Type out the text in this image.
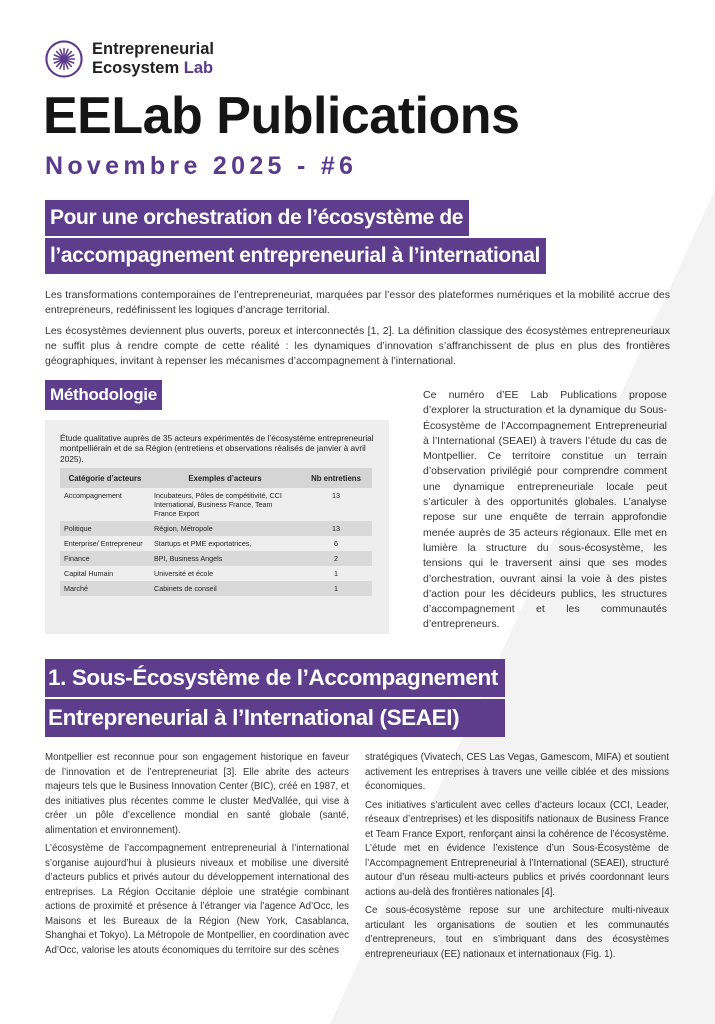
Entrepreneurial
Ecosystem Lab
EELab Publications
Novembre 2025 - #6
Pour une orchestration de l’écosystème de
l’accompagnement entrepreneurial à l’international

Les transformations contemporaines de l’entrepreneuriat, marquées par l’essor des plateformes numériques et la mobilité accrue des entrepreneurs, redéfinissent les logiques d’ancrage territorial.

Les écosystèmes deviennent plus ouverts, poreux et interconnectés [1, 2]. La définition classique des écosystèmes entrepreneuriaux ne suffit plus à rendre compte de cette réalité : les dynamiques d’innovation s’affranchissent de plus en plus des frontières géographiques, invitant à repenser les mécanismes d’accompagnement à l’international.

Méthodologie
Étude qualitative auprès de 35 acteurs expérimentés de l’écosystème entrepreneurial montpelliérain et de sa Région (entretiens et observations réalisés de janvier à avril 2025).
Catégorie d’acteurs	Exemples d’acteurs	Nb entretiens
Accompagnement	Incubateurs, Pôles de compétitivité, CCI International, Business France, Team France Export	13
Politique	Région, Métropole	13
Enterprise/ Entrepreneur	Startups et PME exportatrices,	6
Finance	BPI, Business Angels	2
Capital Humain	Université et école	1
Marché	Cabinets de conseil	1
Ce numéro d’EE Lab Publications propose d’explorer la structuration et la dynamique du Sous-Écosystème de l’Accompagnement Entrepreneurial à l’International (SEAEI) à travers l’étude du cas de Montpellier. Ce territoire constitue un terrain d’observation privilégié pour comprendre comment une dynamique entrepreneuriale locale peut s’articuler à des opportunités globales. L’analyse repose sur une enquête de terrain approfondie menée auprès de 35 acteurs régionaux. Elle met en lumière la structure du sous-écosystème, les tensions qui le traversent ainsi que ses modes d’orchestration, ouvrant ainsi la voie à des pistes d’action pour les décideurs publics, les structures d’accompagnement et les communautés d’entrepreneurs.
1. Sous-Écosystème de l’Accompagnement
Entrepreneurial à l’International (SEAEI)

Montpellier est reconnue pour son engagement historique en faveur de l’innovation et de l’entrepreneuriat [3]. Elle abrite des acteurs majeurs tels que le Business Innovation Center (BIC), créé en 1987, et des initiatives plus récentes comme le cluster MedVallée, qui vise à créer un pôle d’excellence mondial en santé globale (santé, alimentation et environnement).

L’écosystème de l’accompagnement entrepreneurial à l’international s’organise aujourd’hui à plusieurs niveaux et mobilise une diversité d’acteurs publics et privés autour du développement international des entreprises. La Région Occitanie déploie une stratégie combinant actions de proximité et présence à l’étranger via l’agence Ad’Occ, les Maisons et les Bureaux de la Région (New York, Casablanca, Shanghai et Tokyo). La Métropole de Montpellier, en coordination avec Ad’Occ, valorise les atouts économiques du territoire sur des scènes

stratégiques (Vivatech, CES Las Vegas, Gamescom, MIFA) et soutient activement les entreprises à travers une veille ciblée et des missions économiques.

Ces initiatives s’articulent avec celles d’acteurs locaux (CCI, Leader, réseaux d’entreprises) et les dispositifs nationaux de Business France et Team France Export, renforçant ainsi la cohérence de l’écosystème. L’étude met en évidence l’existence d’un Sous-Écosystème de l’Accompagnement Entrepreneurial à l’International (SEAEI), structuré autour d’un réseau multi-acteurs publics et privés coordonnant leurs actions au-delà des frontières nationales [4].

Ce sous-écosystème repose sur une architecture multi-niveaux articulant les organisations de soutien et les communautés d’entrepreneurs, tout en s’imbriquant dans des écosystèmes entrepreneuriaux (EE) nationaux et internationaux (Fig. 1).
